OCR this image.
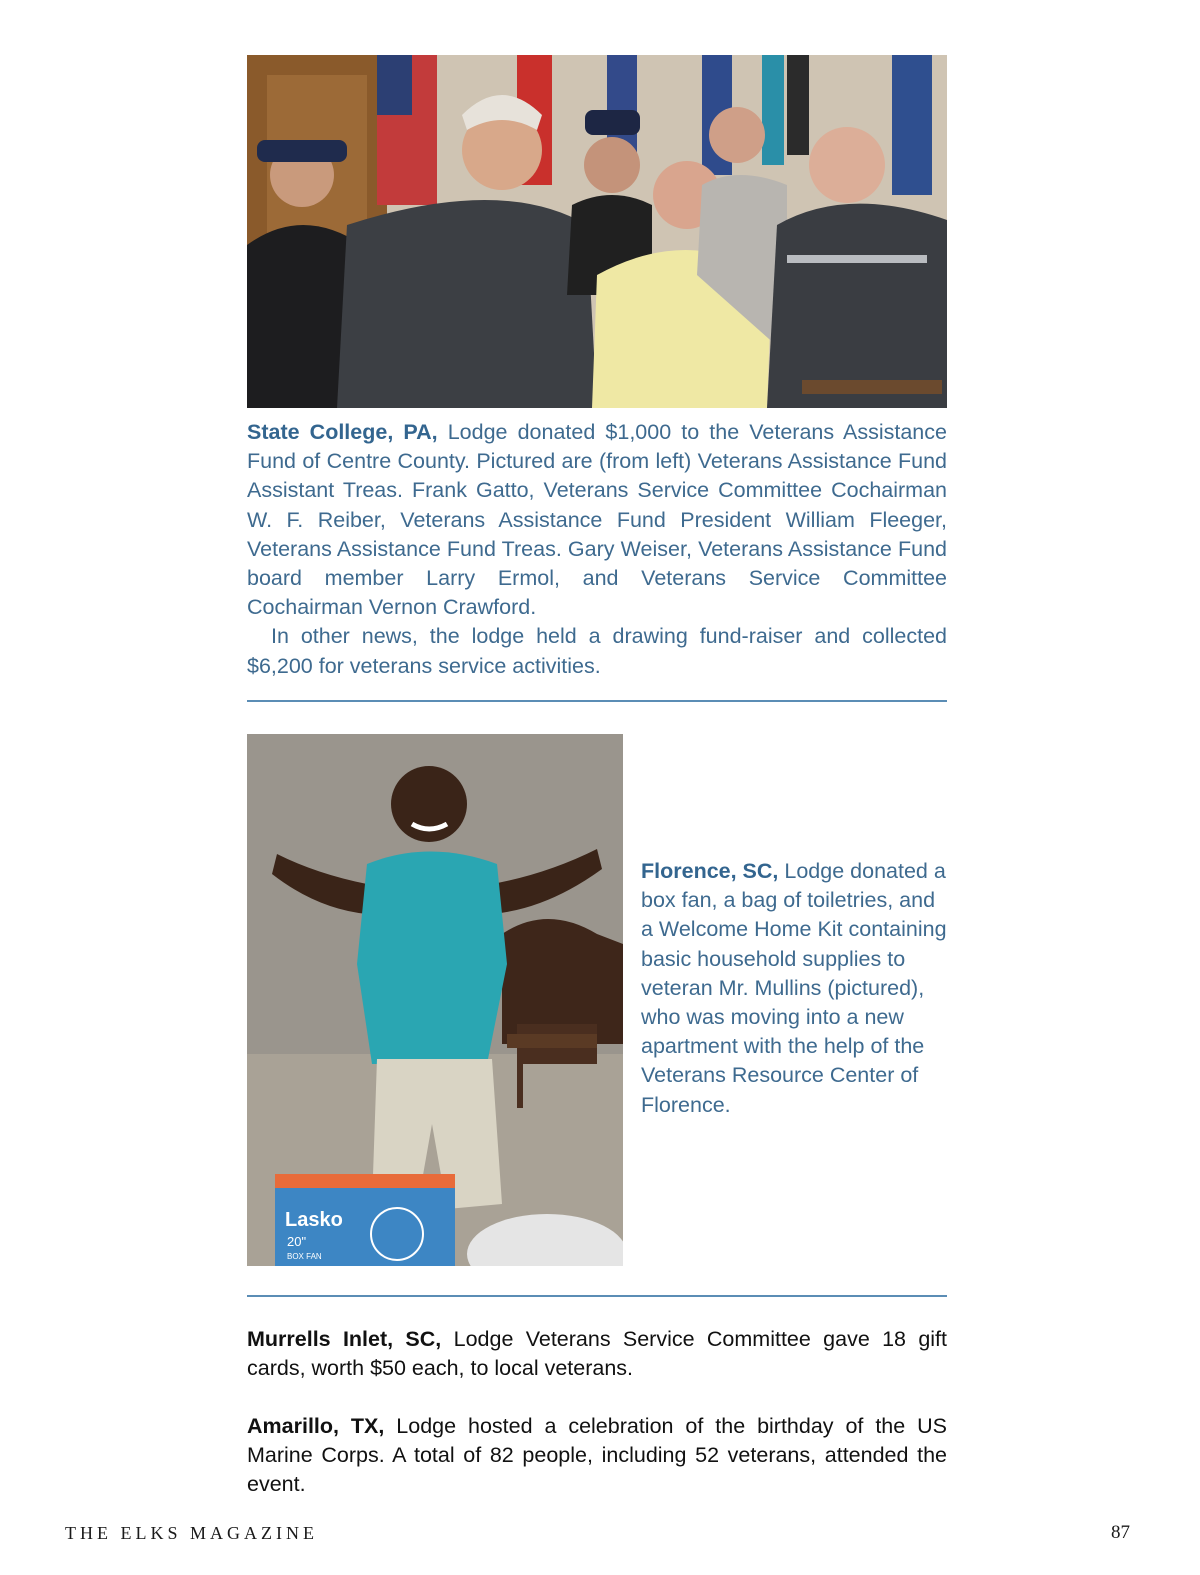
State College, PA, Lodge donated $1,000 to the Veterans Assistance Fund of Centre County. Pictured are (from left) Veterans Assistance Fund Assistant Treas. Frank Gatto, Veterans Service Committee Cochairman W. F. Reiber, Veterans Assistance Fund President William Fleeger, Veterans Assistance Fund Treas. Gary Weiser, Veterans Assistance Fund board member Larry Ermol, and Veterans Service Committee Cochairman Vernon Crawford.

In other news, the lodge held a drawing fund-raiser and collected $6,200 for veterans service activities.

Lasko
20"
BOX FAN

Florence, SC, Lodge donated a box fan, a bag of toiletries, and a Welcome Home Kit containing basic household supplies to veteran Mr. Mullins (pictured), who was moving into a new apartment with the help of the Veterans Resource Center of Florence.

Murrells Inlet, SC, Lodge Veterans Service Committee gave 18 gift cards, worth $50 each, to local veterans.

Amarillo, TX, Lodge hosted a celebration of the birthday of the US Marine Corps. A total of 82 people, including 52 veterans, attended the event.

THE ELKS MAGAZINE	87
